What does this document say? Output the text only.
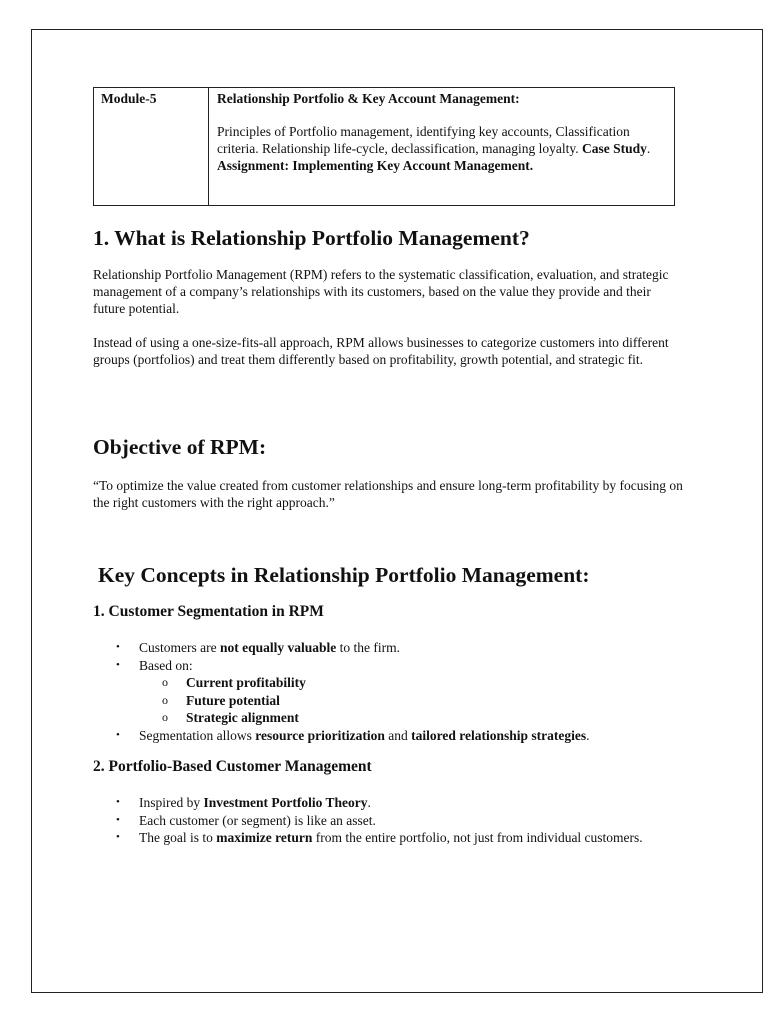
Module-5	Relationship Portfolio & Key Account Management:
Principles of Portfolio management, identifying key accounts, Classification criteria. Relationship life-cycle, declassification, managing loyalty. Case Study. Assignment: Implementing Key Account Management.
1. What is Relationship Portfolio Management?

Relationship Portfolio Management (RPM) refers to the systematic classification, evaluation, and strategic management of a company’s relationships with its customers, based on the value they provide and their future potential.

Instead of using a one-size-fits-all approach, RPM allows businesses to categorize customers into different groups (portfolios) and treat them differently based on profitability, growth potential, and strategic fit.

Objective of RPM:

“To optimize the value created from customer relationships and ensure long-term profitability by focusing on the right customers with the right approach.”

Key Concepts in Relationship Portfolio Management:
1. Customer Segmentation in RPM
• Customers are not equally valuable to the firm.
• Based on:
o Current profitability
o Future potential
o Strategic alignment
• Segmentation allows resource prioritization and tailored relationship strategies.
2. Portfolio-Based Customer Management
• Inspired by Investment Portfolio Theory.
• Each customer (or segment) is like an asset.
• The goal is to maximize return from the entire portfolio, not just from individual customers.
